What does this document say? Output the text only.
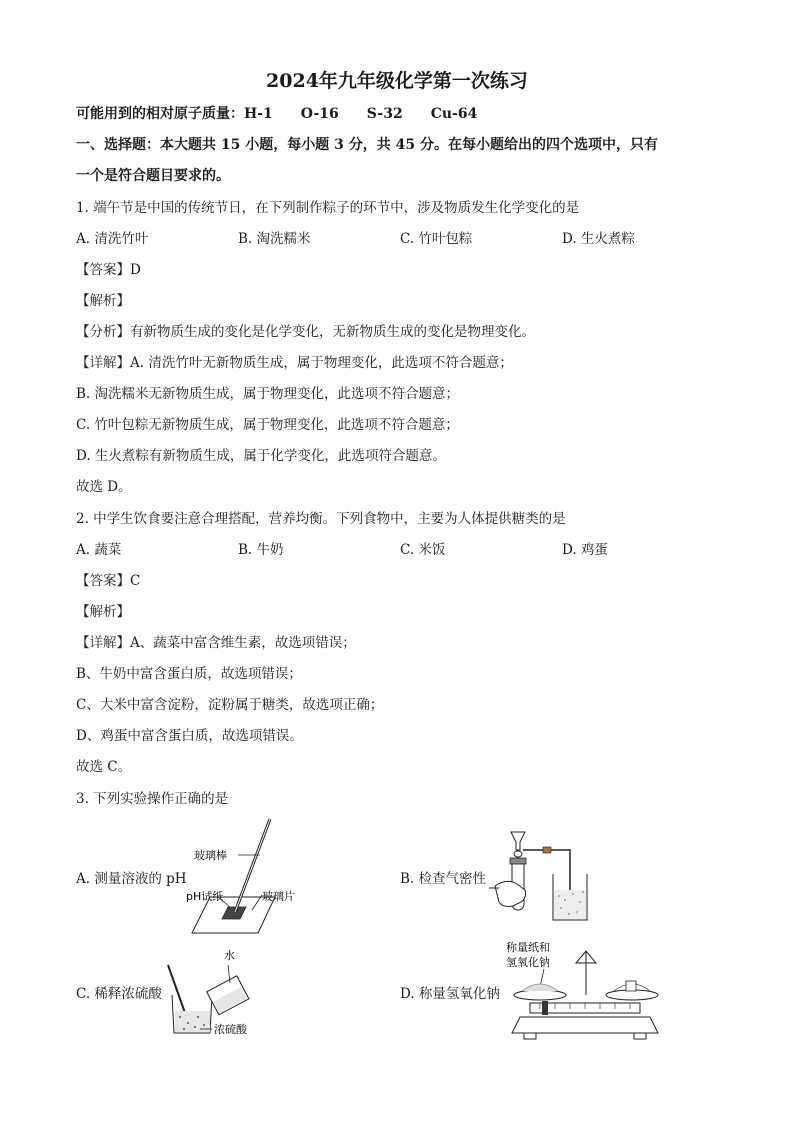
2024年九年级化学第一次练习
可能用到的相对原子质量：H-1　　O-16　　S-32　　Cu-64
一、选择题：本大题共 15 小题，每小题 3 分，共 45 分。在每小题给出的四个选项中，只有
一个是符合题目要求的。
1. 端午节是中国的传统节日，在下列制作粽子的环节中，涉及物质发生化学变化的是
A. 清洗竹叶	B. 淘洗糯米	C. 竹叶包粽	D. 生火煮粽
【答案】D
【解析】
【分析】有新物质生成的变化是化学变化，无新物质生成的变化是物理变化。
【详解】A. 清洗竹叶无新物质生成，属于物理变化，此选项不符合题意；
B. 淘洗糯米无新物质生成，属于物理变化，此选项不符合题意；
C. 竹叶包粽无新物质生成，属于物理变化，此选项不符合题意；
D. 生火煮粽有新物质生成，属于化学变化，此选项符合题意。
故选 D。
2. 中学生饮食要注意合理搭配，营养均衡。下列食物中，主要为人体提供糖类的是
A. 蔬菜	B. 牛奶	C. 米饭	D. 鸡蛋
【答案】C
【解析】
【详解】A、蔬菜中富含维生素，故选项错误；
B、牛奶中富含蛋白质，故选项错误；
C、大米中富含淀粉，淀粉属于糖类，故选项正确；
D、鸡蛋中富含蛋白质，故选项错误。
故选 C。
3. 下列实验操作正确的是
A. 测量溶液的 pH	B. 检查气密性
C. 稀释浓硫酸	D. 称量氢氧化钠
玻璃棒
pH试纸	玻璃片
水
浓硫酸
称量纸和
氢氧化钠
